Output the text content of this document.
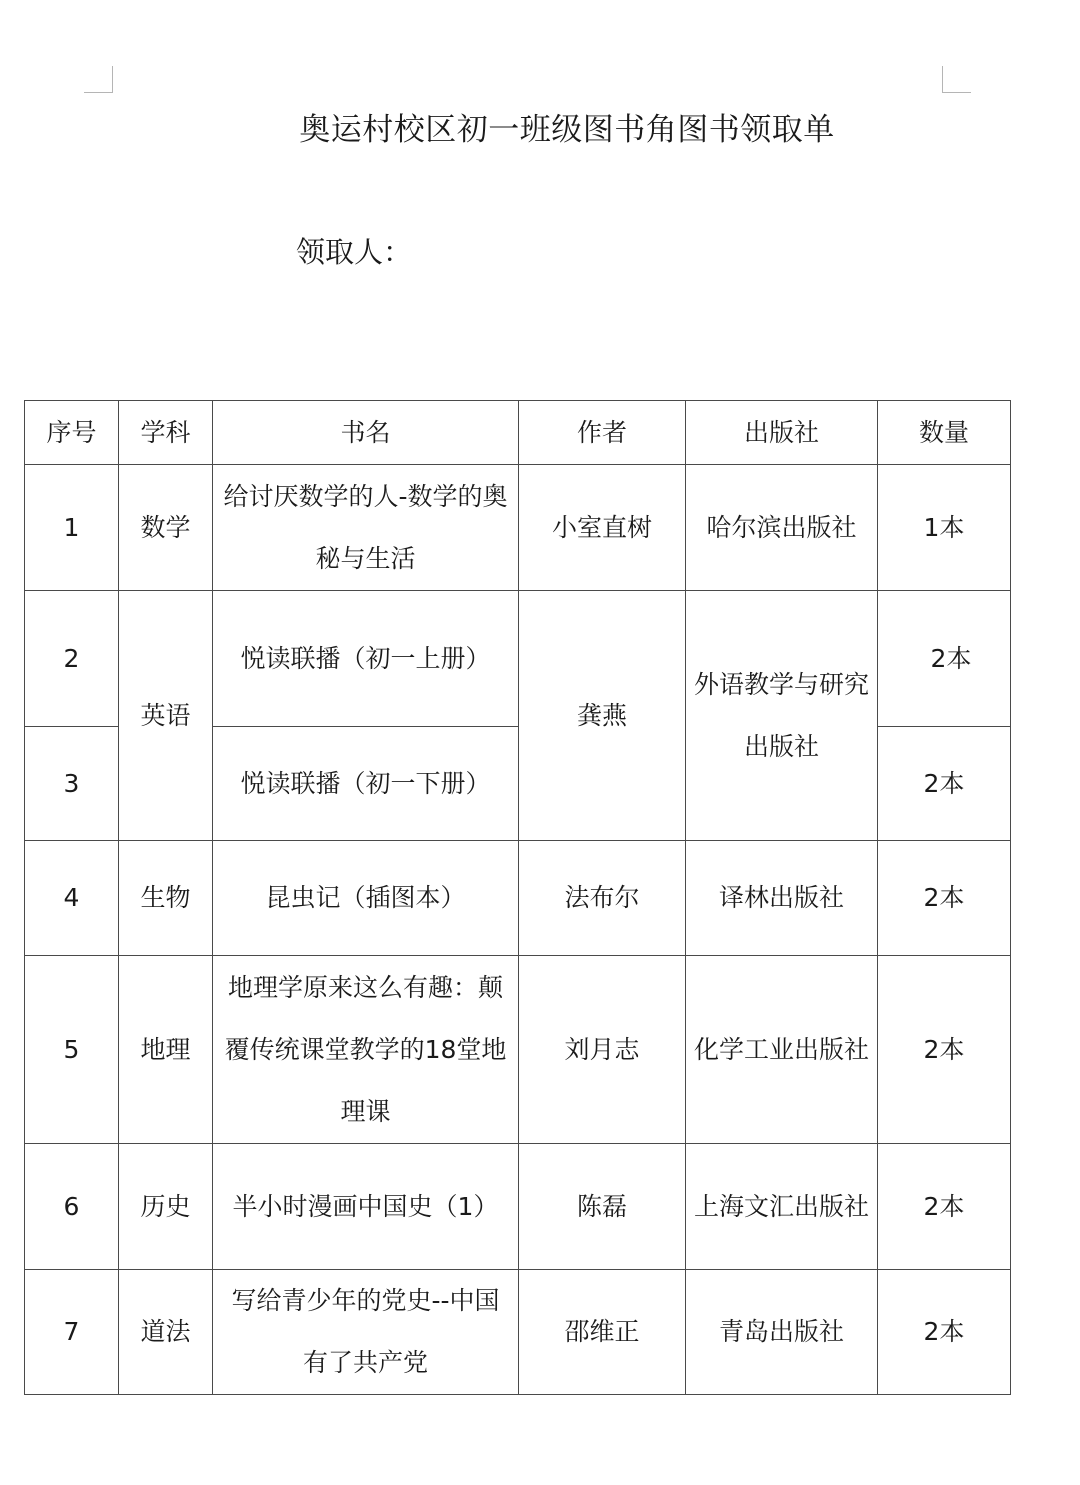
奥运村校区初一班级图书角图书领取单
领取人：
序号	学科	书名	作者	出版社	数量
1	数学	给讨厌数学的人-数学的奥秘与生活	小室直树	哈尔滨出版社	1本
2	英语	悦读联播（初一上册）	龚燕	外语教学与研究出版社	2本
3		悦读联播（初一下册）			2本
4	生物	昆虫记（插图本）	法布尔	译林出版社	2本
5	地理	地理学原来这么有趣：颠覆传统课堂教学的18堂地理课	刘月志	化学工业出版社	2本
6	历史	半小时漫画中国史（1）	陈磊	上海文汇出版社	2本
7	道法	写给青少年的党史--中国有了共产党	邵维正	青岛出版社	2本
